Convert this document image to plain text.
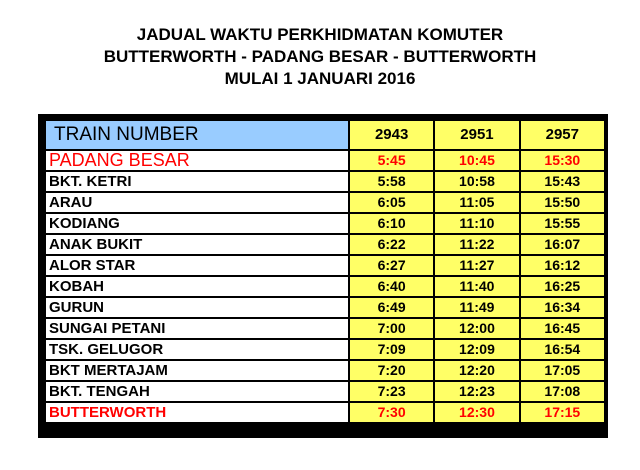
JADUAL WAKTU PERKHIDMATAN KOMUTER
BUTTERWORTH - PADANG BESAR - BUTTERWORTH
MULAI 1 JANUARI 2016
TRAIN NUMBER	2943	2951	2957
PADANG BESAR	5:45	10:45	15:30
BKT. KETRI	5:58	10:58	15:43
ARAU	6:05	11:05	15:50
KODIANG	6:10	11:10	15:55
ANAK BUKIT	6:22	11:22	16:07
ALOR STAR	6:27	11:27	16:12
KOBAH	6:40	11:40	16:25
GURUN	6:49	11:49	16:34
SUNGAI PETANI	7:00	12:00	16:45
TSK. GELUGOR	7:09	12:09	16:54
BKT MERTAJAM	7:20	12:20	17:05
BKT. TENGAH	7:23	12:23	17:08
BUTTERWORTH	7:30	12:30	17:15
